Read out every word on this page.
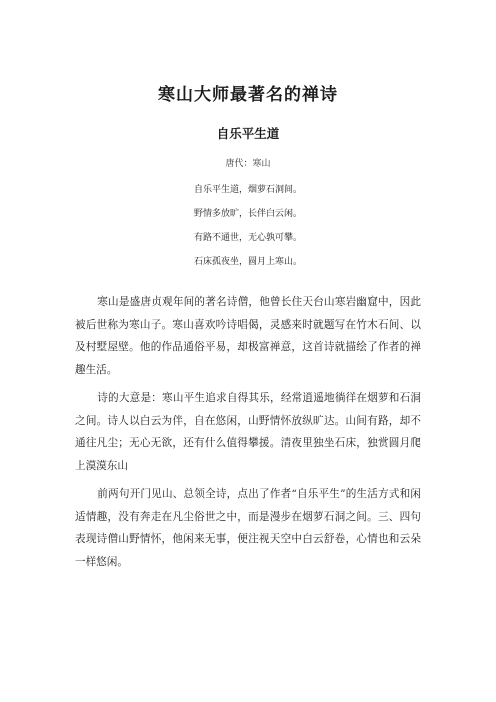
寒山大师最著名的禅诗
自乐平生道

唐代：寒山

自乐平生道，烟萝石洞间。
野情多放旷，长伴白云闲。
有路不通世，无心孰可攀。
石床孤夜坐，圆月上寒山。

寒山是盛唐贞观年间的著名诗僧，他曾长住天台山寒岩幽窟中，因此被后世称为寒山子。寒山喜欢吟诗唱偈，灵感来时就题写在竹木石间、以及村墅屋壁。他的作品通俗平易，却极富禅意，这首诗就描绘了作者的禅趣生活。

诗的大意是：寒山平生追求自得其乐，经常逍遥地徜徉在烟萝和石洞之间。诗人以白云为伴，自在悠闲，山野情怀放纵旷达。山间有路，却不通往凡尘；无心无欲，还有什么值得攀援。清夜里独坐石床，独赏圆月爬上漠漠东山

前两句开门见山、总领全诗，点出了作者“自乐平生”的生活方式和闲适情趣，没有奔走在凡尘俗世之中，而是漫步在烟萝石洞之间。三、四句表现诗僧山野情怀，他闲来无事，便注视天空中白云舒卷，心情也和云朵一样悠闲。
